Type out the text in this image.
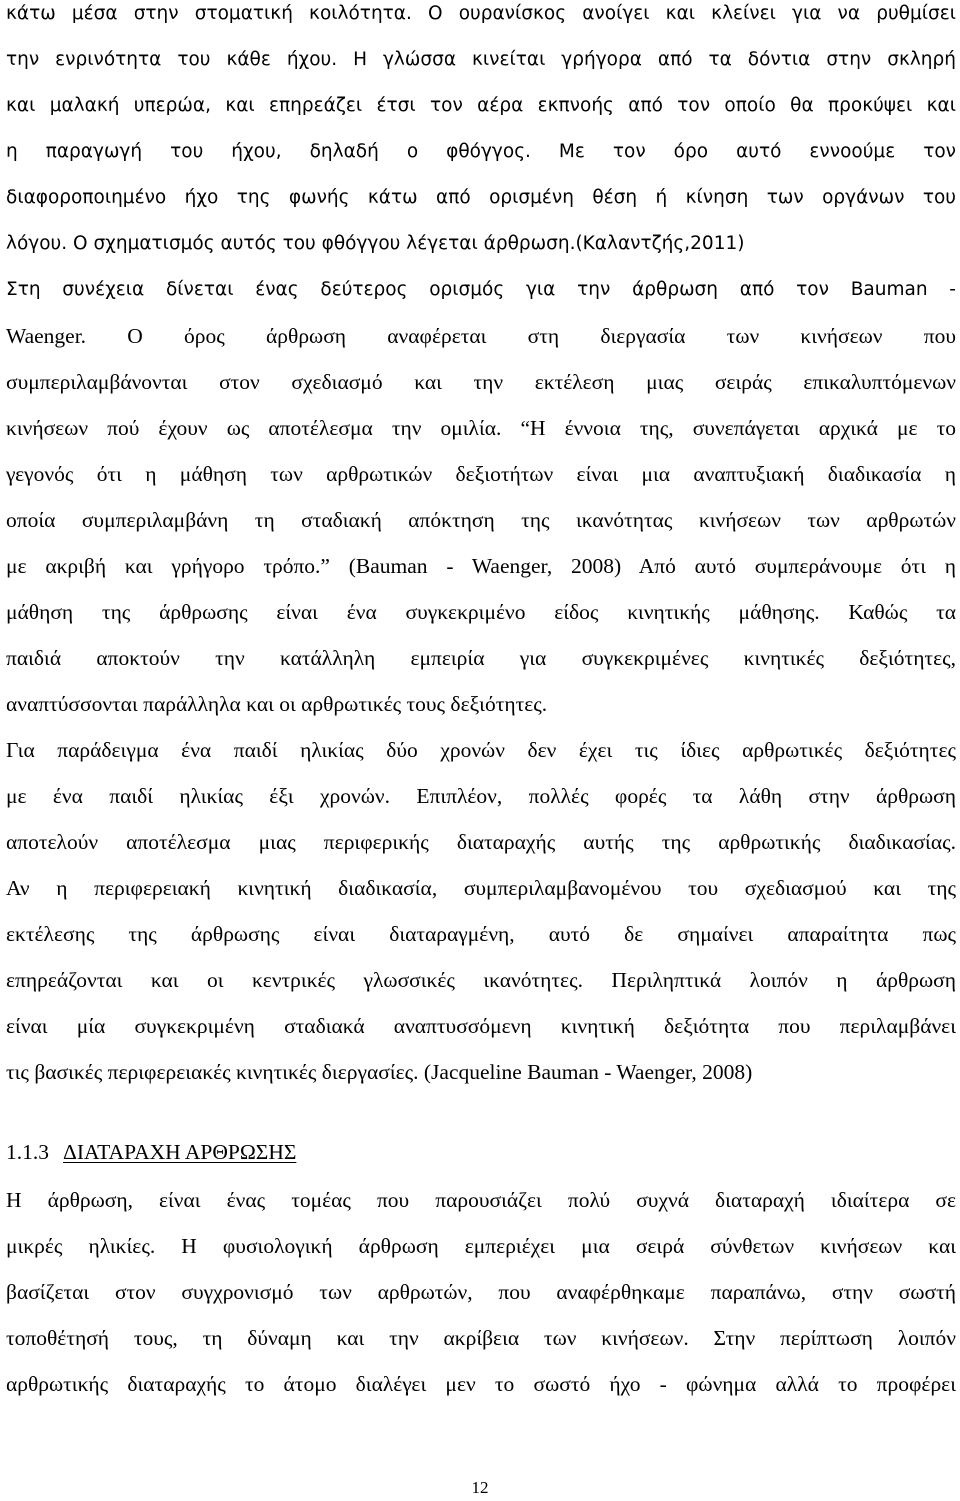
κάτω μέσα στην στοματική κοιλότητα. Ο ουρανίσκος ανοίγει και κλείνει για να ρυθμίσει
την ενρινότητα του κάθε ήχου. Η γλώσσα κινείται γρήγορα από τα δόντια στην σκληρή
και μαλακή υπερώα, και επηρεάζει έτσι τον αέρα εκπνοής από τον οποίο θα προκύψει και
η παραγωγή του ήχου, δηλαδή ο φθόγγος. Με τον όρο αυτό εννοούμε τον
διαφοροποιημένο ήχο της φωνής κάτω από ορισμένη θέση ή κίνηση των οργάνων του
λόγου. Ο σχηματισμός αυτός του φθόγγου λέγεται άρθρωση.(Καλαντζής,2011)
Στη συνέχεια δίνεται ένας δεύτερος ορισμός για την άρθρωση από τον Bauman -
Waenger. Ο όρος άρθρωση αναφέρεται στη διεργασία των κινήσεων που
συμπεριλαμβάνονται στον σχεδιασμό και την εκτέλεση μιας σειράς επικαλυπτόμενων
κινήσεων πού έχουν ως αποτέλεσμα την ομιλία. “Η έννοια της, συνεπάγεται αρχικά με το
γεγονός ότι η μάθηση των αρθρωτικών δεξιοτήτων είναι μια αναπτυξιακή διαδικασία η
οποία συμπεριλαμβάνη τη σταδιακή απόκτηση της ικανότητας κινήσεων των αρθρωτών
με ακριβή και γρήγορο τρόπο.” (Bauman - Waenger, 2008) Από αυτό συμπεράνουμε ότι η
μάθηση της άρθρωσης είναι ένα συγκεκριμένο είδος κινητικής μάθησης. Καθώς τα
παιδιά αποκτούν την κατάλληλη εμπειρία για συγκεκριμένες κινητικές δεξιότητες,
αναπτύσσονται παράλληλα και οι αρθρωτικές τους δεξιότητες.
Για παράδειγμα ένα παιδί ηλικίας δύο χρονών δεν έχει τις ίδιες αρθρωτικές δεξιότητες
με ένα παιδί ηλικίας έξι χρονών. Επιπλέον, πολλές φορές τα λάθη στην άρθρωση
αποτελούν αποτέλεσμα μιας περιφερικής διαταραχής αυτής της αρθρωτικής διαδικασίας.
Αν η περιφερειακή κινητική διαδικασία, συμπεριλαμβανομένου του σχεδιασμού και της
εκτέλεσης της άρθρωσης είναι διαταραγμένη, αυτό δε σημαίνει απαραίτητα πως
επηρεάζονται και οι κεντρικές γλωσσικές ικανότητες. Περιληπτικά λοιπόν η άρθρωση
είναι μία συγκεκριμένη σταδιακά αναπτυσσόμενη κινητική δεξιότητα που περιλαμβάνει
τις βασικές περιφερειακές κινητικές διεργασίες. (Jacqueline Bauman - Waenger, 2008)
1.1.3 ΔΙΑΤΑΡΑΧΗ ΑΡΘΡΩΣΗΣ
Η άρθρωση, είναι ένας τομέας που παρουσιάζει πολύ συχνά διαταραχή ιδιαίτερα σε
μικρές ηλικίες. Η φυσιολογική άρθρωση εμπεριέχει μια σειρά σύνθετων κινήσεων και
βασίζεται στον συγχρονισμό των αρθρωτών, που αναφέρθηκαμε παραπάνω, στην σωστή
τοποθέτησή τους, τη δύναμη και την ακρίβεια των κινήσεων. Στην περίπτωση λοιπόν
αρθρωτικής διαταραχής το άτομο διαλέγει μεν το σωστό ήχο - φώνημα αλλά το προφέρει
12
